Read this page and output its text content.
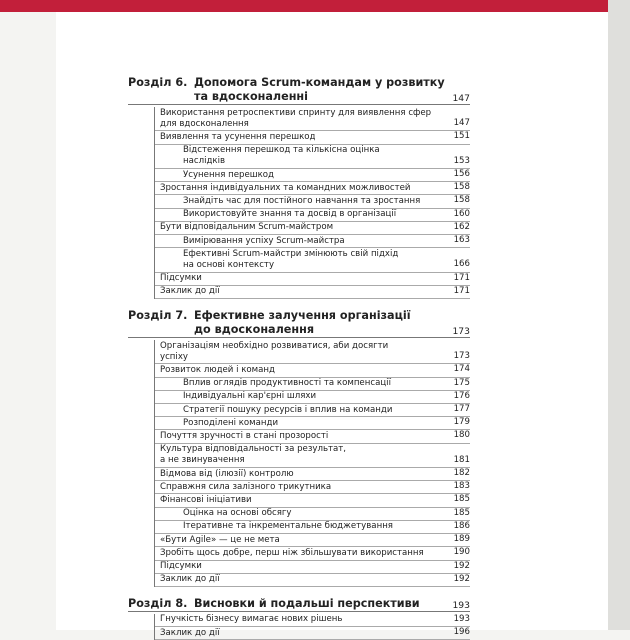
Розділ 6. Допомога Scrum-командам у розвитку
та вдосконаленні	147
Використання ретроспективи спринту для виявлення сфер
для вдосконалення	147
Виявлення та усунення перешкод	151
Відстеження перешкод та кількісна оцінка
наслідків	153
Усунення перешкод	156
Зростання індивідуальних та командних можливостей	158
Знайдіть час для постійного навчання та зростання	158
Використовуйте знання та досвід в організації	160
Бути відповідальним Scrum-майстром	162
Вимірювання успіху Scrum-майстра	163
Ефективні Scrum-майстри змінюють свій підхід
на основі контексту	166
Підсумки	171
Заклик до дії	171
Розділ 7. Ефективне залучення організації
до вдосконалення	173
Організаціям необхідно розвиватися, аби досягти
успіху	173
Розвиток людей і команд	174
Вплив оглядів продуктивності та компенсації	175
Індивідуальні кар'єрні шляхи	176
Стратегії пошуку ресурсів і вплив на команди	177
Розподілені команди	179
Почуття зручності в стані прозорості	180
Культура відповідальності за результат,
а не звинувачення	181
Відмова від (ілюзії) контролю	182
Справжня сила залізного трикутника	183
Фінансові ініціативи	185
Оцінка на основі обсягу	185
Ітеративне та інкрементальне бюджетування	186
«Бути Agile» — це не мета	189
Зробіть щось добре, перш ніж збільшувати використання	190
Підсумки	192
Заклик до дії	192
Розділ 8. Висновки й подальші перспективи	193
Гнучкість бізнесу вимагає нових рішень	193
Заклик до дії	196
